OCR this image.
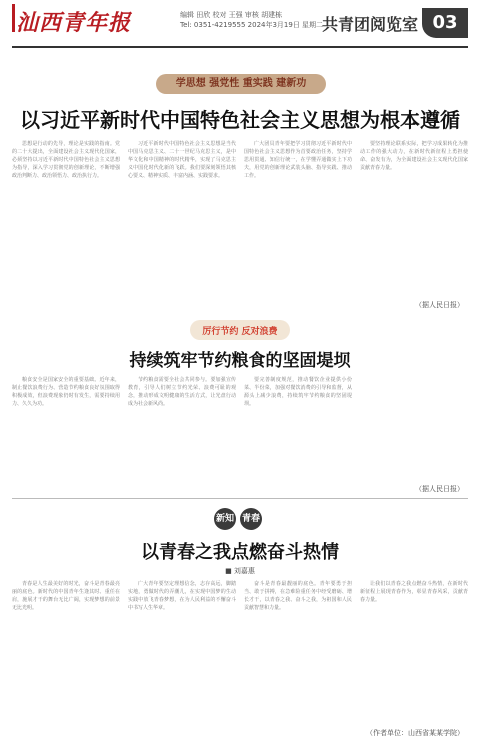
汕西青年报	编辑 田欣 校对 王强 审核 胡建栋
Tel: 0351-4219555 2024年3月19日 星期二
共青团阅览室 03
学思想 强党性 重实践 建新功
以习近平新时代中国特色社会主义思想为根本遵循

思想是行动的先导，理论是实践的指南。党的二十大提出，全面建设社会主义现代化国家，必须坚持以习近平新时代中国特色社会主义思想为指导，深入学习贯彻党的创新理论，不断增强政治判断力、政治领悟力、政治执行力。

习近平新时代中国特色社会主义思想是当代中国马克思主义、二十一世纪马克思主义，是中华文化和中国精神的时代精华，实现了马克思主义中国化时代化新的飞跃。我们要深刻领悟其核心要义、精神实质、丰富内涵、实践要求。

广大团员青年要把学习贯彻习近平新时代中国特色社会主义思想作为首要政治任务，坚持学思用贯通、知信行统一，在学懂弄通做实上下功夫，用党的创新理论武装头脑、指导实践、推动工作。

要坚持理论联系实际，把学习成果转化为推动工作的强大动力，在新时代新征程上勇担使命、奋发有为，为全面建设社会主义现代化国家贡献青春力量。

（据人民日报）
厉行节约 反对浪费
持续筑牢节约粮食的坚固堤坝

粮食安全是国家安全的重要基础。近年来，制止餐饮浪费行为、营造节约粮食良好氛围取得积极成效，但浪费现象仍时有发生，需要持续用力、久久为功。

节约粮食需要全社会共同参与。要加强宣传教育，引导人们树立节约光荣、浪费可耻的观念，推动形成文明健康的生活方式，让光盘行动成为社会新风尚。

要完善制度规范，推动餐饮企业提供小份菜、半份菜，加强对餐饮消费的引导和监督，从源头上减少浪费，持续筑牢节约粮食的坚固堤坝。

（据人民日报）
新知 青春
以青春之我点燃奋斗热情
■ 刘嘉惠

青春是人生最美好的时光，奋斗是青春最亮丽的底色。新时代的中国青年生逢其时、重任在肩，施展才干的舞台无比广阔，实现梦想的前景无比光明。

广大青年要坚定理想信念，志存高远，脚踏实地，勇做时代的弄潮儿，在实现中国梦的生动实践中放飞青春梦想，在为人民利益的不懈奋斗中书写人生华章。

奋斗是青春最靓丽的底色。青年要勇于担当、敢于拼搏，在急难险重任务中经受磨砺、增长才干，以青春之我、奋斗之我，为祖国和人民贡献智慧和力量。

让我们以青春之我点燃奋斗热情，在新时代新征程上展现青春作为，彰显青春风采，贡献青春力量。

（作者单位：山西省某某学院）
